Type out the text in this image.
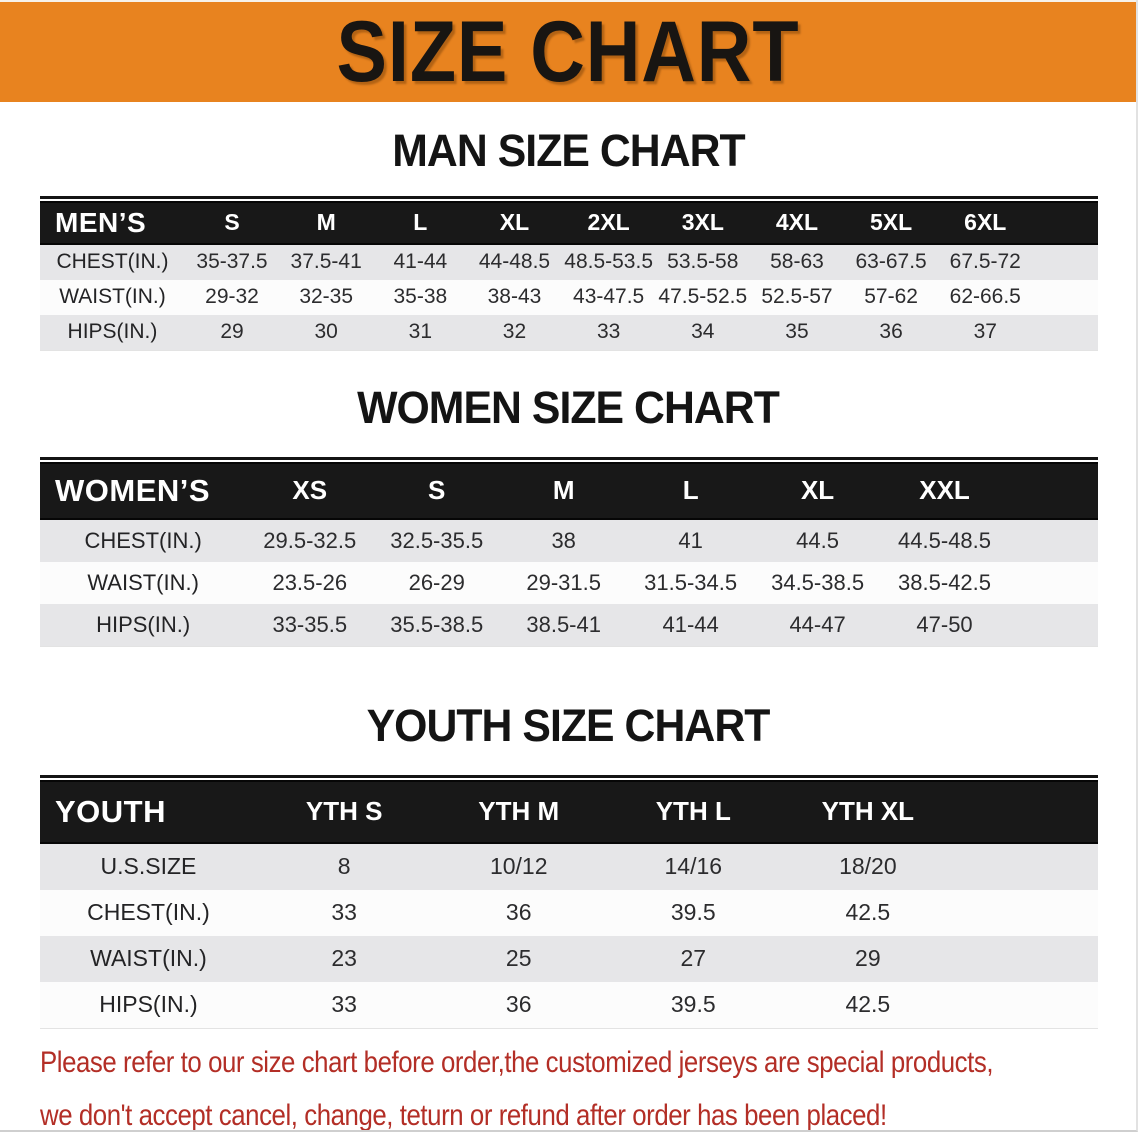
SIZE CHART
MAN SIZE CHART
MEN’S	S	M	L	XL	2XL	3XL	4XL	5XL	6XL	
CHEST(IN.)	35-37.5	37.5-41	41-44	44-48.5	48.5-53.5	53.5-58	58-63	63-67.5	67.5-72	
WAIST(IN.)	29-32	32-35	35-38	38-43	43-47.5	47.5-52.5	52.5-57	57-62	62-66.5	
HIPS(IN.)	29	30	31	32	33	34	35	36	37	
WOMEN SIZE CHART
WOMEN’S	XS	S	M	L	XL	XXL	
CHEST(IN.)	29.5-32.5	32.5-35.5	38	41	44.5	44.5-48.5	
WAIST(IN.)	23.5-26	26-29	29-31.5	31.5-34.5	34.5-38.5	38.5-42.5	
HIPS(IN.)	33-35.5	35.5-38.5	38.5-41	41-44	44-47	47-50	
YOUTH SIZE CHART
YOUTH	YTH S	YTH M	YTH L	YTH XL	
U.S.SIZE	8	10/12	14/16	18/20	
CHEST(IN.)	33	36	39.5	42.5	
WAIST(IN.)	23	25	27	29	
HIPS(IN.)	33	36	39.5	42.5	
Please refer to our size chart before order,the customized jerseys are special products,
we don't accept cancel, change, teturn or refund after order has been placed!
